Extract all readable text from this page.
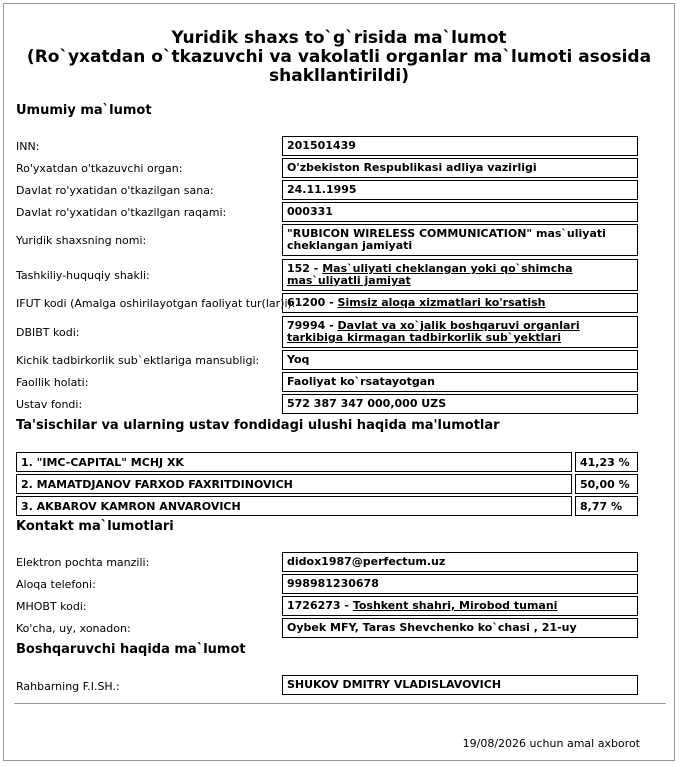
Yuridik shaxs to`g`risida ma`lumot
(Ro`yxatdan o`tkazuvchi va vakolatli organlar ma`lumoti asosida
shakllantirildi)
Umumiy ma`lumot
INN:	201501439
Ro'yxatdan o'tkazuvchi organ:	O'zbekiston Respublikasi adliya vazirligi
Davlat ro'yxatidan o'tkazilgan sana:	24.11.1995
Davlat ro'yxatidan o'tkazilgan raqami:	000331
Yuridik shaxsning nomi:
"RUBICON WIRELESS COMMUNICATION" mas`uliyati cheklangan jamiyati
Tashkiliy-huquqiy shakli:
152 - Mas`uliyati cheklangan yoki qo`shimcha mas`uliyatli jamiyat
IFUT kodi (Amalga oshirilayotgan faoliyat tur(lar)i):
61200 - Simsiz aloqa xizmatlari ko'rsatish
DBIBT kodi:
79994 - Davlat va xo`jalik boshqaruvi organlari tarkibiga kirmagan tadbirkorlik sub`yektlari
Kichik tadbirkorlik sub`ektlariga mansubligi:	Yoq
Faollik holati:	Faoliyat ko`rsatayotgan
Ustav fondi:	572 387 347 000,000 UZS
Ta'sischilar va ularning ustav fondidagi ulushi haqida ma'lumotlar
1. "IMC-CAPITAL" MCHJ XK	41,23 %
2. MAMATDJANOV FARXOD FAXRITDINOVICH	50,00 %
3. AKBAROV KAMRON ANVAROVICH	8,77 %
Kontakt ma`lumotlari
Elektron pochta manzili:	didox1987@perfectum.uz
Aloqa telefoni:	998981230678
MHOBT kodi:	1726273 - Toshkent shahri, Mirobod tumani
Ko'cha, uy, xonadon:	Oybek MFY, Taras Shevchenko ko`chasi , 21-uy
Boshqaruvchi haqida ma`lumot
Rahbarning F.I.SH.:	SHUKOV DMITRY VLADISLAVOVICH
19/08/2026 uchun amal axborot
